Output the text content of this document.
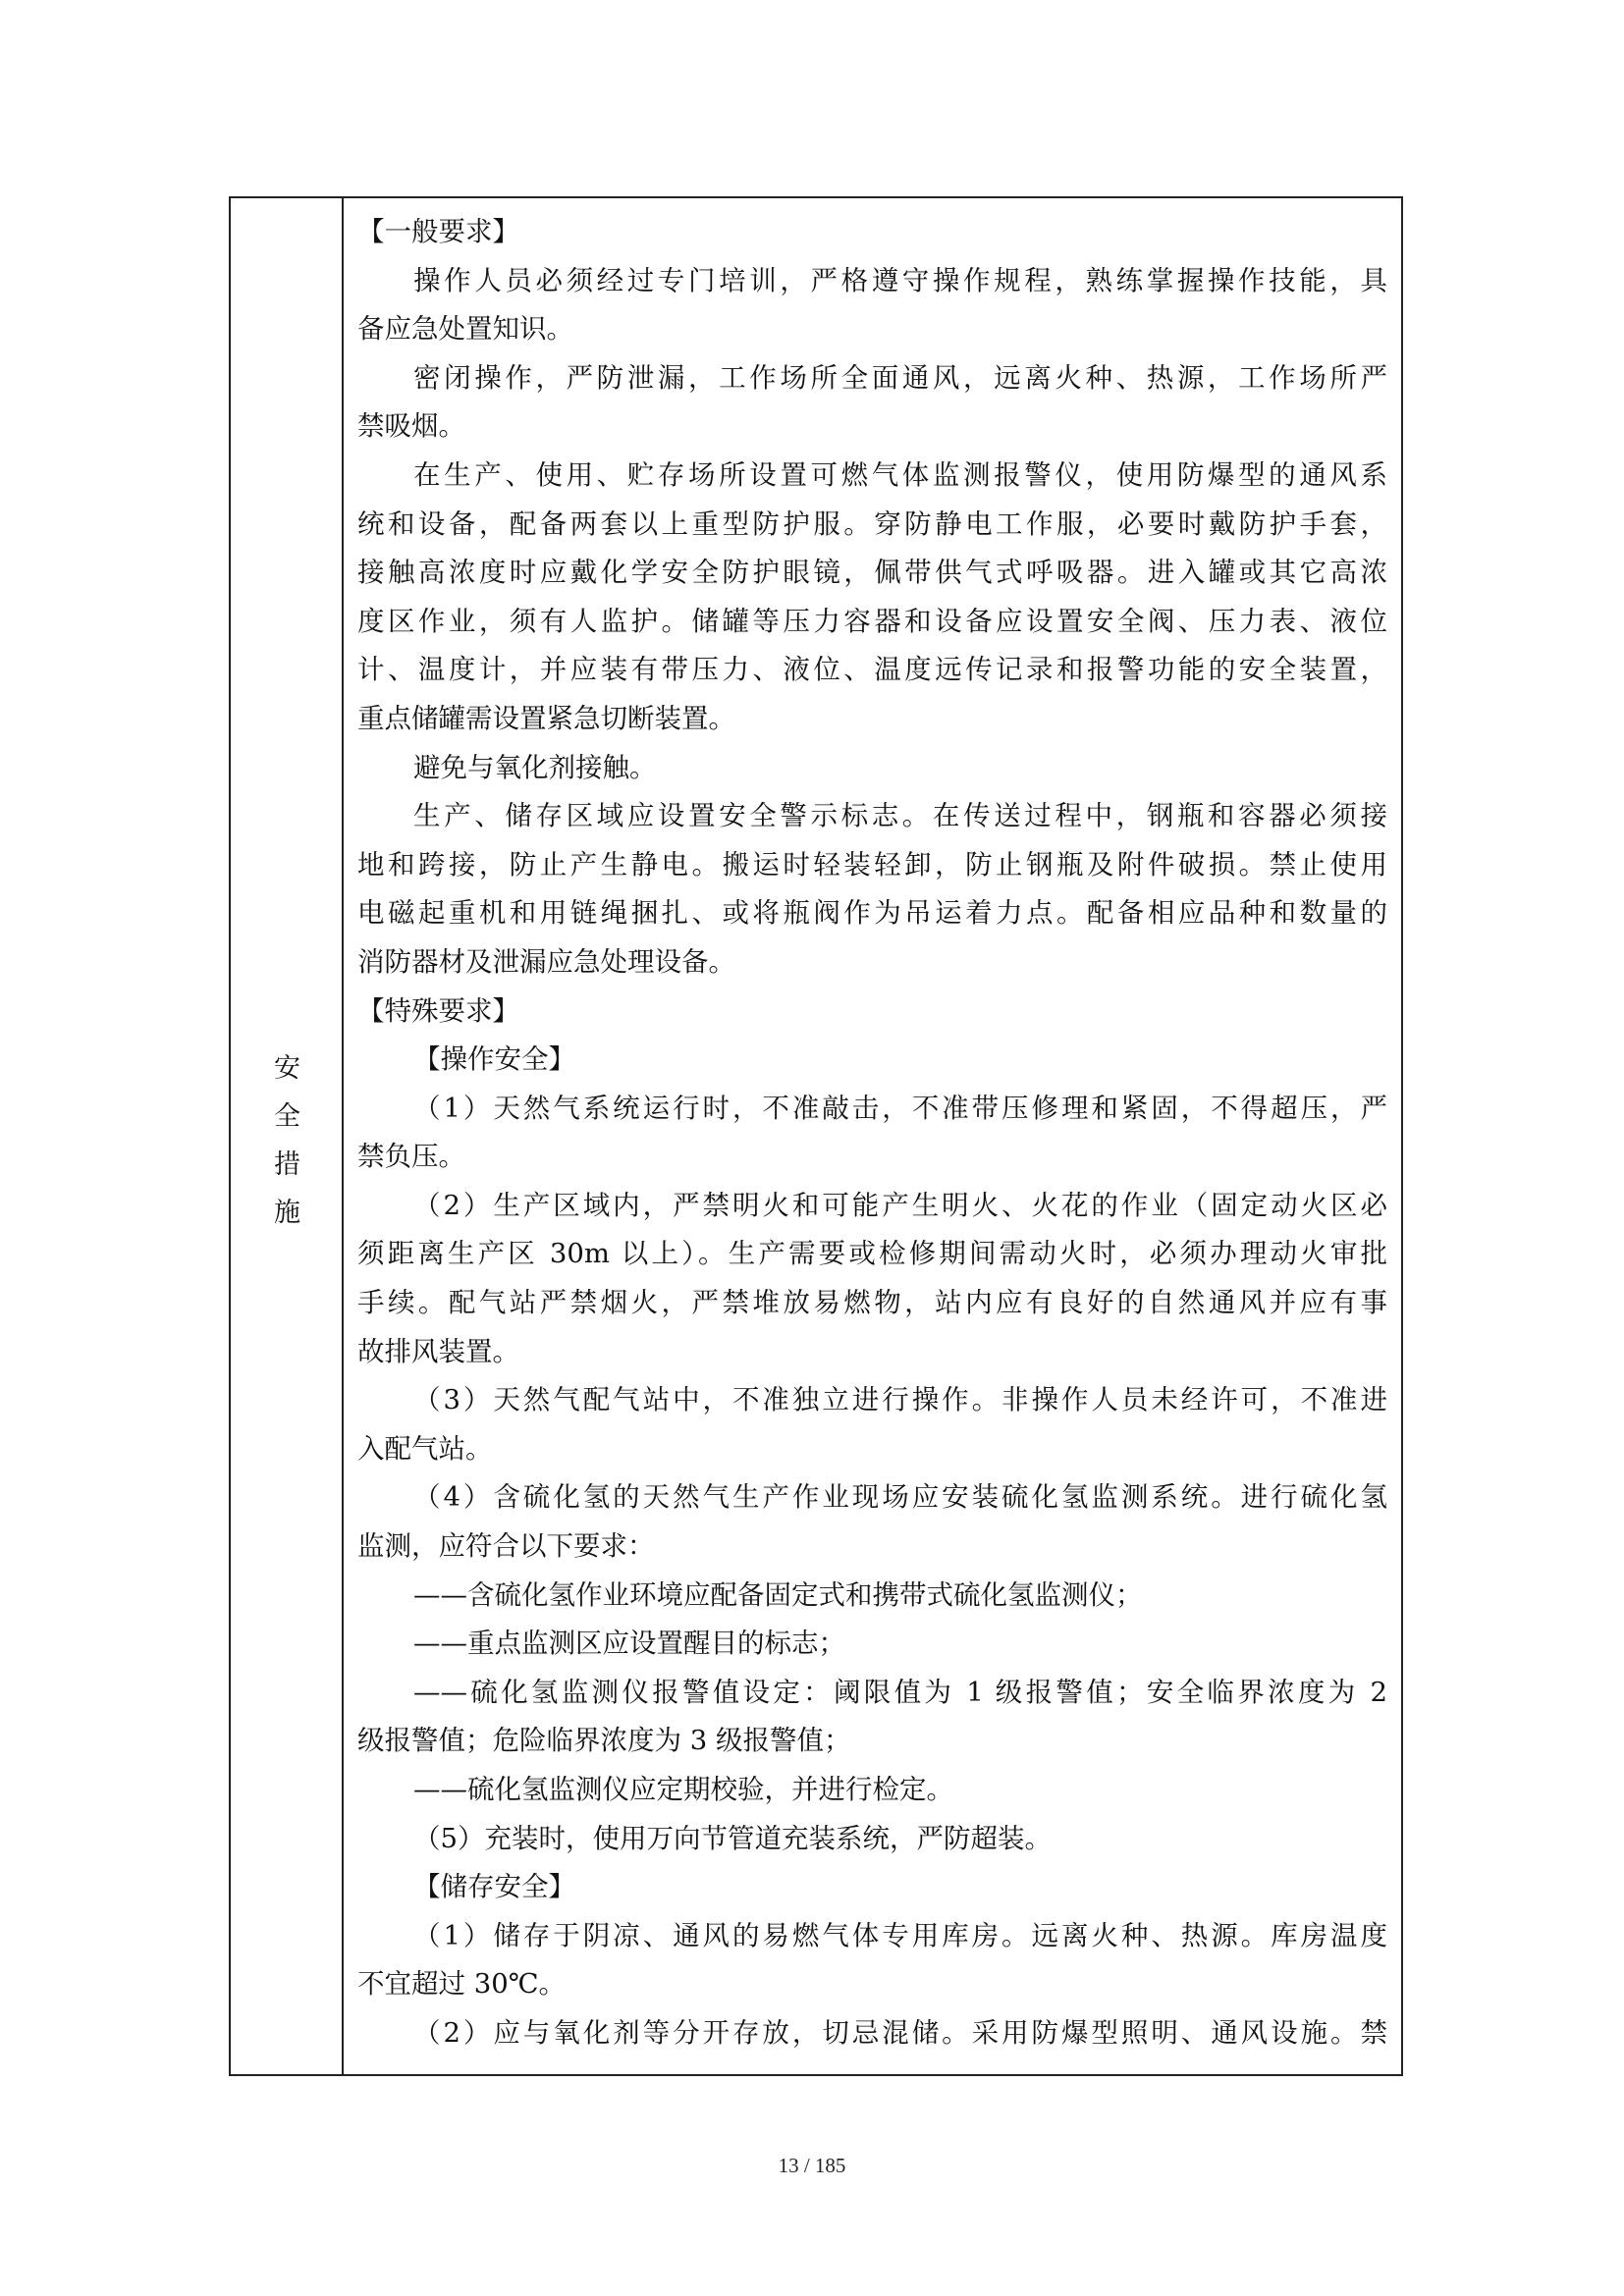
安
全
措
施
【一般要求】
操作人员必须经过专门培训，严格遵守操作规程，熟练掌握操作技能，具
备应急处置知识。
密闭操作，严防泄漏，工作场所全面通风，远离火种、热源，工作场所严
禁吸烟。
在生产、使用、贮存场所设置可燃气体监测报警仪，使用防爆型的通风系
统和设备，配备两套以上重型防护服。穿防静电工作服，必要时戴防护手套，
接触高浓度时应戴化学安全防护眼镜，佩带供气式呼吸器。进入罐或其它高浓
度区作业，须有人监护。储罐等压力容器和设备应设置安全阀、压力表、液位
计、温度计，并应装有带压力、液位、温度远传记录和报警功能的安全装置，
重点储罐需设置紧急切断装置。
避免与氧化剂接触。
生产、储存区域应设置安全警示标志。在传送过程中，钢瓶和容器必须接
地和跨接，防止产生静电。搬运时轻装轻卸，防止钢瓶及附件破损。禁止使用
电磁起重机和用链绳捆扎、或将瓶阀作为吊运着力点。配备相应品种和数量的
消防器材及泄漏应急处理设备。
【特殊要求】
【操作安全】
（1）天然气系统运行时，不准敲击，不准带压修理和紧固，不得超压，严
禁负压。
（2）生产区域内，严禁明火和可能产生明火、火花的作业（固定动火区必
须距离生产区 30m 以上）。生产需要或检修期间需动火时，必须办理动火审批
手续。配气站严禁烟火，严禁堆放易燃物，站内应有良好的自然通风并应有事
故排风装置。
（3）天然气配气站中，不准独立进行操作。非操作人员未经许可，不准进
入配气站。
（4）含硫化氢的天然气生产作业现场应安装硫化氢监测系统。进行硫化氢
监测，应符合以下要求：
——含硫化氢作业环境应配备固定式和携带式硫化氢监测仪；
——重点监测区应设置醒目的标志；
——硫化氢监测仪报警值设定：阈限值为 1 级报警值；安全临界浓度为 2
级报警值；危险临界浓度为 3 级报警值；
——硫化氢监测仪应定期校验，并进行检定。
（5）充装时，使用万向节管道充装系统，严防超装。
【储存安全】
（1）储存于阴凉、通风的易燃气体专用库房。远离火种、热源。库房温度
不宜超过 30℃。
（2）应与氧化剂等分开存放，切忌混储。采用防爆型照明、通风设施。禁
13 / 185
